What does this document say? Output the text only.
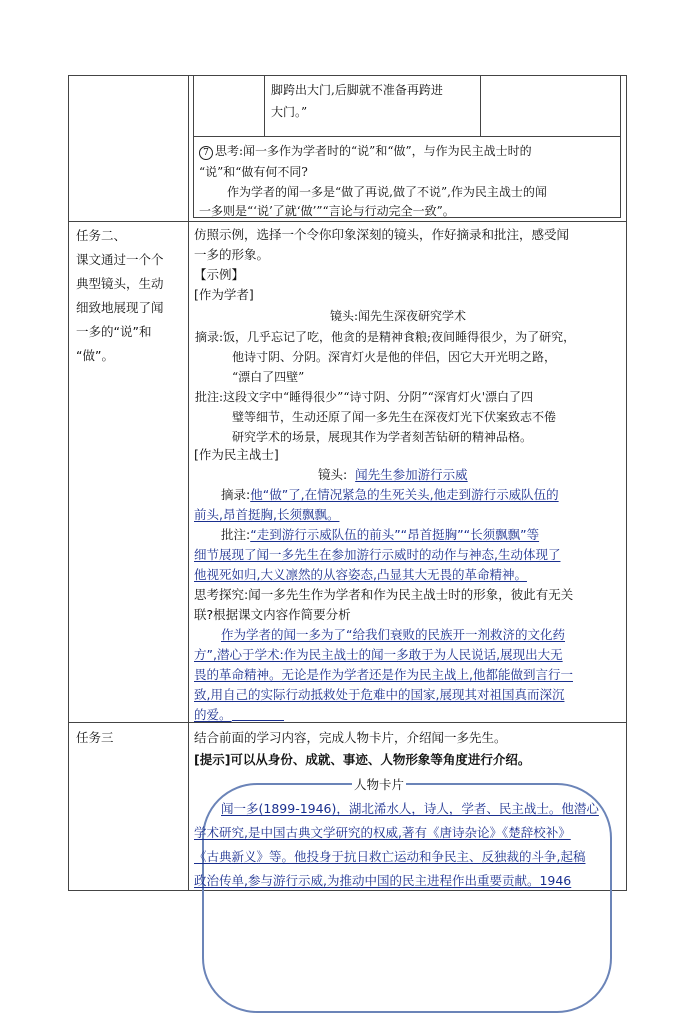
脚跨出大门,后脚就不准备再跨进
大门。”
7 思考:闻一多作为学者时的“说”和“做”，与作为民主战士时的
“说”和“做有何不同?
作为学者的闻一多是“做了再说,做了不说”,作为民主战士的闻
一多则是“‘说’了就‘做’”“言论与行动完全一致”。
任务二、
课文通过一个个
典型镜头，生动
细致地展现了闻
一多的“说”和
“做”。
仿照示例，选择一个令你印象深刻的镜头，作好摘录和批注，感受闻
一多的形象。
【示例】
[作为学者]
镜头:闻先生深夜研究学术
摘录:饭，几乎忘记了吃，他贪的是精神食粮;夜间睡得很少，为了研究，
他诗寸阴、分阴。深宵灯火是他的伴侣，因它大开光明之路，
“漂白了四壁”
批注:这段文字中“睡得很少”“诗寸阴、分阴”“深宵灯火'漂白了四
璧等细节，生动还原了闻一多先生在深夜灯光下伏案致志不倦
研究学术的场景，展现其作为学者刻苦钻研的精神品格。
[作为民主战士]
镜头: 闻先生参加游行示威
摘录:他“做”了,在情况紧急的生死关头,他走到游行示威队伍的
前头,昂首挺胸,长须飘飘。
批注:“走到游行示威队伍的前头”“昂首挺胸”“长须飘飘”等
细节展现了闻一多先生在参加游行示威时的动作与神态,生动体现了
他视死如归,大义凛然的从容姿态,凸显其大无畏的革命精神。
思考探究:闻一多先生作为学者和作为民主战士时的形象，彼此有无关
联?根据课文内容作简要分析
作为学者的闻一多为了“给我们衰败的民族开一剂救济的文化药
方”,潜心于学术:作为民主战士的闻一多敢于为人民说话,展现出大无
畏的革命精神。无论是作为学者还是作为民主战上,他都能做到言行一
致,用自己的实际行动抵救处于危难中的国家,展现其对祖国真而深沉
的爱。
任务三	结合前面的学习内容，完成人物卡片，介绍闻一多先生。
[提示]可以从身份、成就、事迹、人物形象等角度进行介绍。
人物卡片
闻一多(1899-1946)，湖北浠水人，诗人，学者、民主战士。他潜心
学术研究,是中国古典文学研究的权威,著有《唐诗杂论》《楚辞校补》
《古典新义》等。他投身于抗日救亡运动和争民主、反独裁的斗争,起稿
政治传单,参与游行示威,为推动中国的民主进程作出重要贡献。1946
